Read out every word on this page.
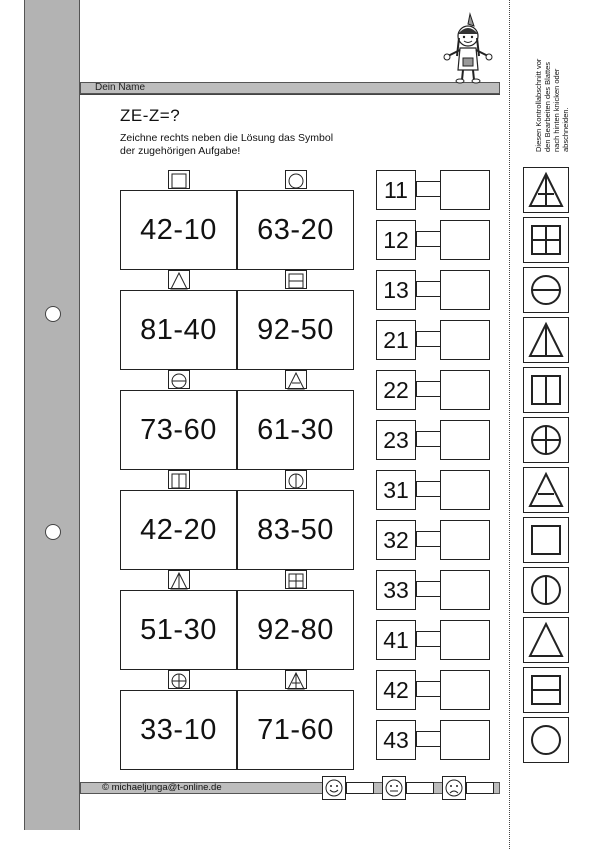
Dein Name
ZE-Z=?
Zeichne rechts neben die Lösung das Symbol der zugehörigen Aufgabe!	Diesen Kontrollabschnitt vor
den Bearbeiten des Blattes
nach hinten knicken oder
abschneiden.
42-10 63-20
81-40 92-50
73-60 61-30
42-20 83-50
51-30 92-80
33-10 71-60
11
12
13
21
22
23
31
32
33
41
42
43
© michaeljunga@t-online.de
